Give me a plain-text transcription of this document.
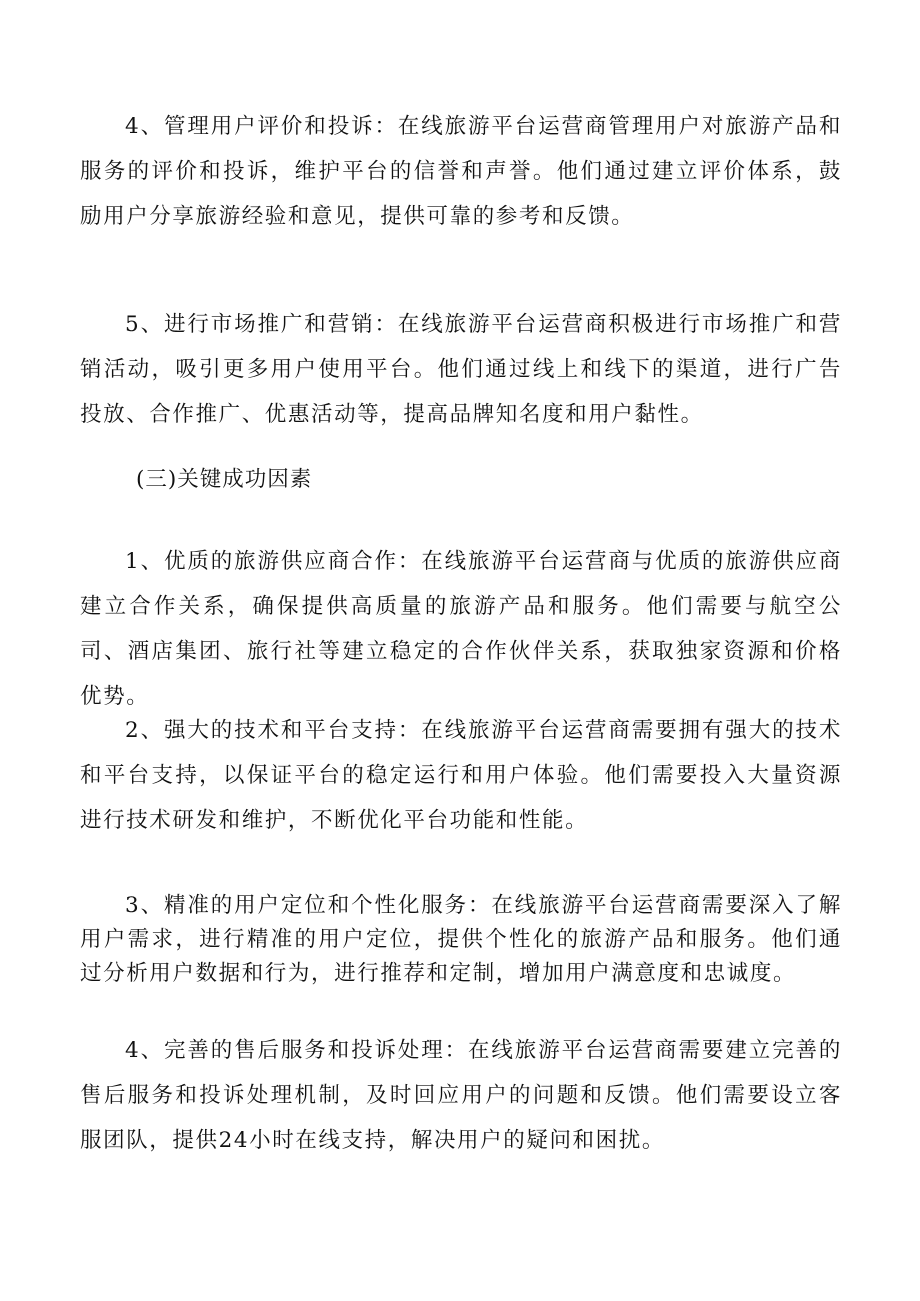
4、管理用户评价和投诉：在线旅游平台运营商管理用户对旅游产品和服务的评价和投诉，维护平台的信誉和声誉。他们通过建立评价体系，鼓励用户分享旅游经验和意见，提供可靠的参考和反馈。

5、进行市场推广和营销：在线旅游平台运营商积极进行市场推广和营销活动，吸引更多用户使用平台。他们通过线上和线下的渠道，进行广告投放、合作推广、优惠活动等，提高品牌知名度和用户黏性。

(三)关键成功因素

1、优质的旅游供应商合作：在线旅游平台运营商与优质的旅游供应商建立合作关系，确保提供高质量的旅游产品和服务。他们需要与航空公司、酒店集团、旅行社等建立稳定的合作伙伴关系，获取独家资源和价格优势。

2、强大的技术和平台支持：在线旅游平台运营商需要拥有强大的技术和平台支持，以保证平台的稳定运行和用户体验。他们需要投入大量资源进行技术研发和维护，不断优化平台功能和性能。

3、精准的用户定位和个性化服务：在线旅游平台运营商需要深入了解用户需求，进行精准的用户定位，提供个性化的旅游产品和服务。他们通过分析用户数据和行为，进行推荐和定制，增加用户满意度和忠诚度。

4、完善的售后服务和投诉处理：在线旅游平台运营商需要建立完善的售后服务和投诉处理机制，及时回应用户的问题和反馈。他们需要设立客服团队，提供24小时在线支持，解决用户的疑问和困扰。
